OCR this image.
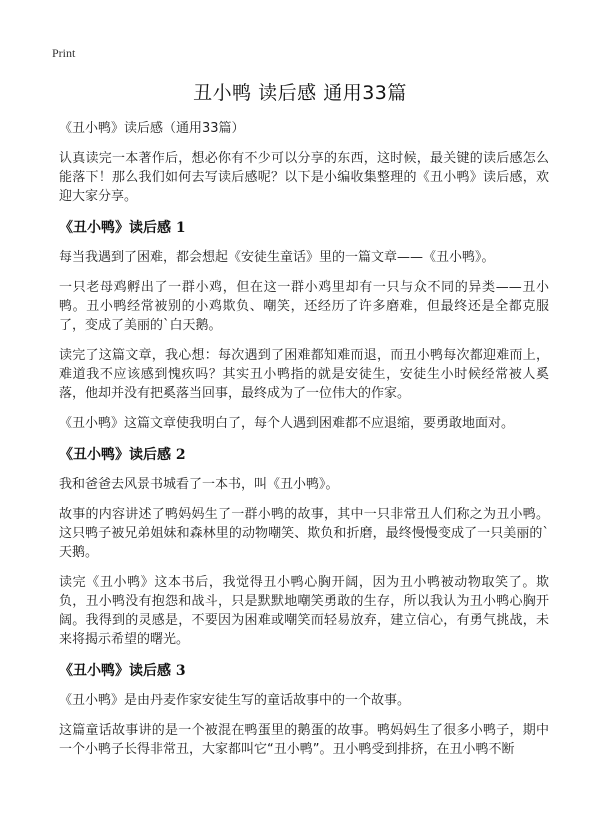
Print
丑小鸭 读后感 通用33篇

《丑小鸭》读后感（通用33篇）

认真读完一本著作后，想必你有不少可以分享的东西，这时候，最关键的读后感怎么能落下！那么我们如何去写读后感呢？以下是小编收集整理的《丑小鸭》读后感，欢迎大家分享。

《丑小鸭》读后感 1

每当我遇到了困难，都会想起《安徒生童话》里的一篇文章——《丑小鸭》。

一只老母鸡孵出了一群小鸡，但在这一群小鸡里却有一只与众不同的异类——丑小鸭。丑小鸭经常被别的小鸡欺负、嘲笑，还经历了许多磨难，但最终还是全都克服了，变成了美丽的`白天鹅。

读完了这篇文章，我心想：每次遇到了困难都知难而退，而丑小鸭每次都迎难而上，难道我不应该感到愧疚吗？其实丑小鸭指的就是安徒生，安徒生小时候经常被人奚落，他却并没有把奚落当回事，最终成为了一位伟大的作家。

《丑小鸭》这篇文章使我明白了，每个人遇到困难都不应退缩，要勇敢地面对。

《丑小鸭》读后感 2

我和爸爸去风景书城看了一本书，叫《丑小鸭》。

故事的内容讲述了鸭妈妈生了一群小鸭的故事，其中一只非常丑人们称之为丑小鸭。这只鸭子被兄弟姐妹和森林里的动物嘲笑、欺负和折磨，最终慢慢变成了一只美丽的`天鹅。

读完《丑小鸭》这本书后，我觉得丑小鸭心胸开阔，因为丑小鸭被动物取笑了。欺负，丑小鸭没有抱怨和战斗，只是默默地嘲笑勇敢的生存，所以我认为丑小鸭心胸开阔。我得到的灵感是，不要因为困难或嘲笑而轻易放弃，建立信心，有勇气挑战，未来将揭示希望的曙光。

《丑小鸭》读后感 3

《丑小鸭》是由丹麦作家安徒生写的童话故事中的一个故事。

这篇童话故事讲的是一个被混在鸭蛋里的鹅蛋的故事。鸭妈妈生了很多小鸭子，期中一个小鸭子长得非常丑，大家都叫它“丑小鸭”。丑小鸭受到排挤，在丑小鸭不断
